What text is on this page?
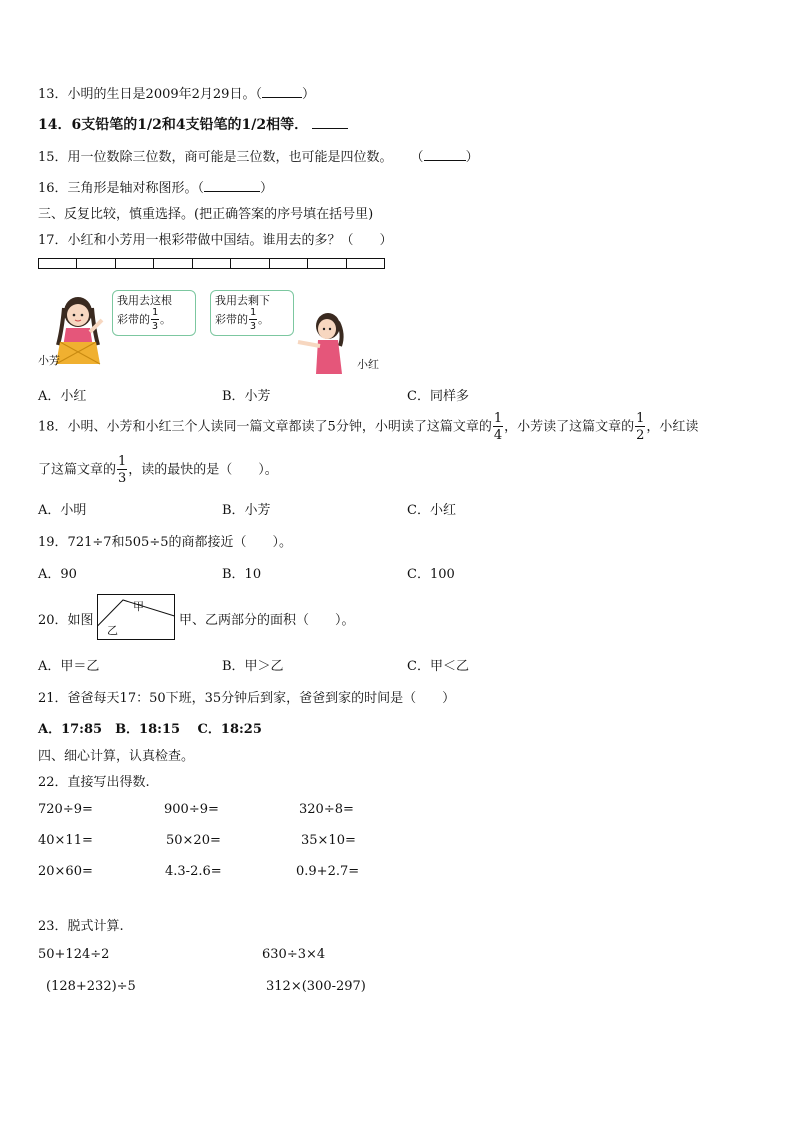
13．小明的生日是2009年2月29日。（	）
14．6支铅笔的1/2和4支铅笔的1/2相等．
15．用一位数除三位数，商可能是三位数，也可能是四位数。 （	）
16．三角形是轴对称图形。（	）
三、反复比较，慎重选择。(把正确答案的序号填在括号里)
17．小红和小芳用一根彩带做中国结。谁用去的多？（　　）
小芳
我用去这根
彩带的 $\frac{1}{3}$ 。
我用去剩下
彩带的 $\frac{1}{3}$ 。
小红
A．小红	B．小芳	C．同样多
18．小明、小芳和小红三个人读同一篇文章都读了5分钟，小明读了这篇文章的 $\frac{1}{4}$ ，小芳读了这篇文章的 $\frac{1}{2}$ ，小红读
了这篇文章的 $\frac{1}{3}$ ，读的最快的是（　　）。
A．小明	B．小芳	C．小红
19．721÷7和505÷5的商都接近（　　）。
A．90	B．10	C．100
20．如图
甲
乙
甲、乙两部分的面积（　　）。
A．甲＝乙	B．甲＞乙	C．甲＜乙
21．爸爸每天17：50下班，35分钟后到家，爸爸到家的时间是（　　）
A．17:85　B．18:15　 C．18:25
四、细心计算，认真检查。
22．直接写出得数.
720÷9=	900÷9=	320÷8=
40×11=	50×20=	35×10=
20×60=	4.3-2.6=	0.9+2.7=
23．脱式计算.
50+124÷2	630÷3×4
(128+232)÷5	312×(300-297)
